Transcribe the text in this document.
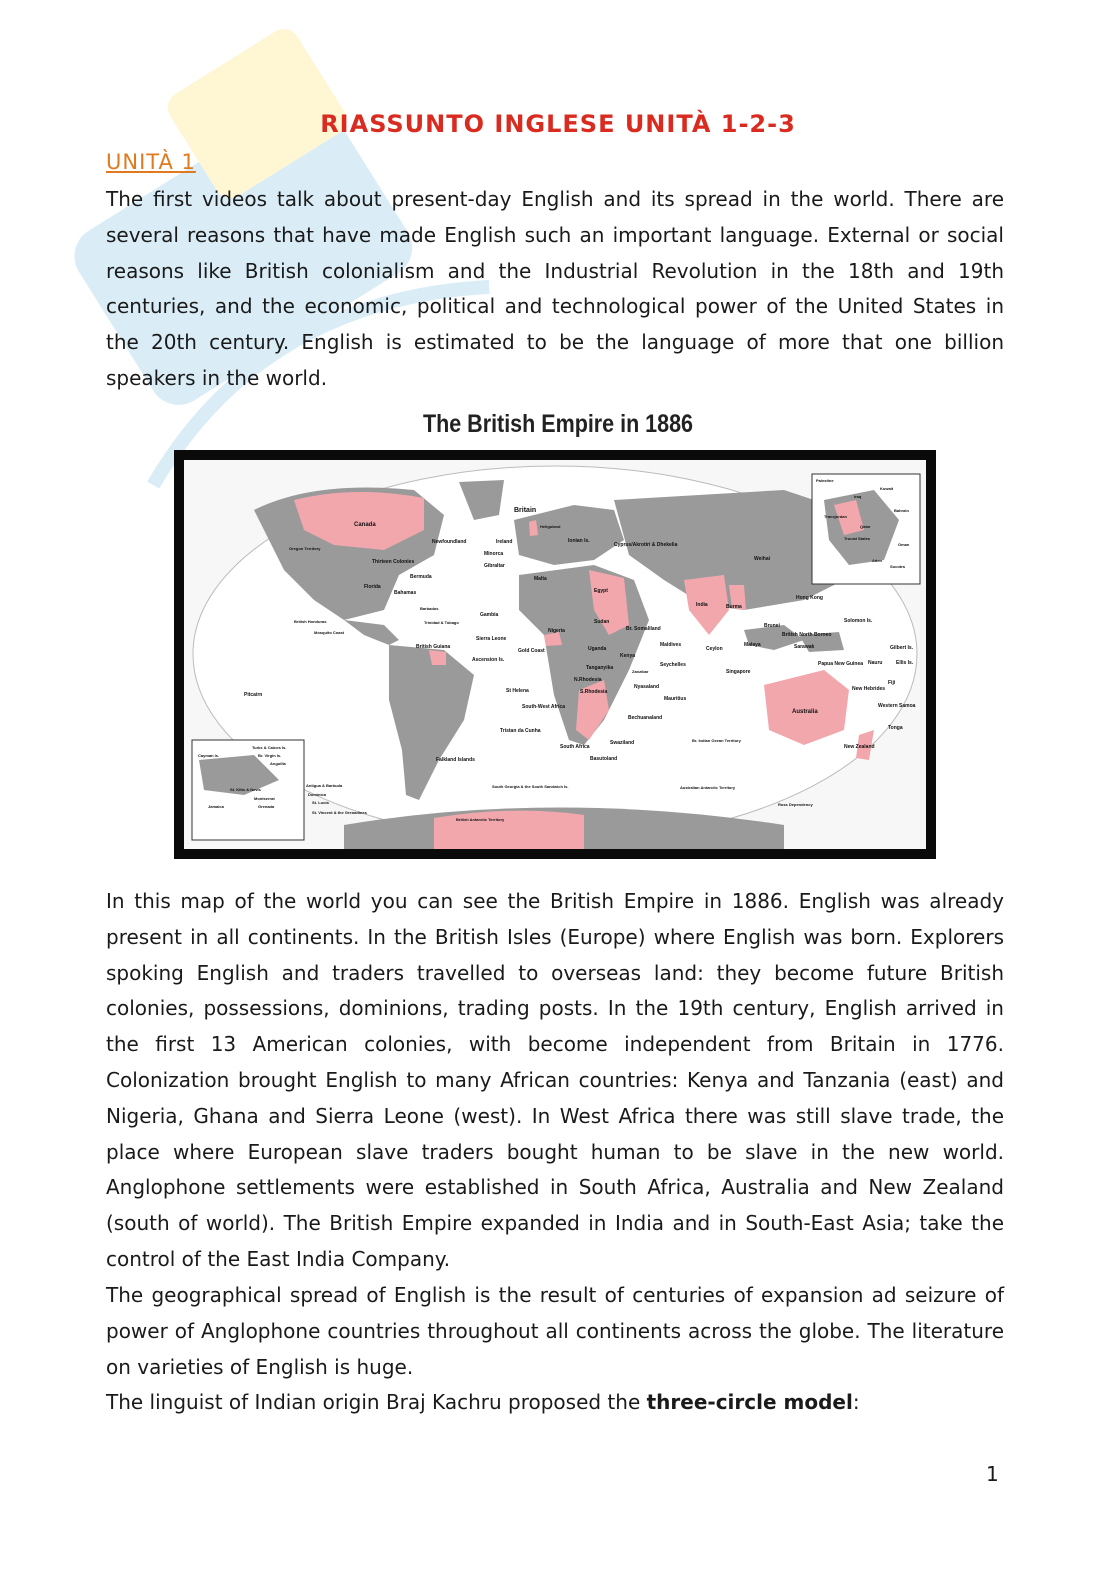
RIASSUNTO INGLESE UNITÀ 1-2-3
UNITÀ 1

The first videos talk about present-day English and its spread in the world. There are several reasons that have made English such an important language. External or social reasons like British colonialism and the Industrial Revolution in the 18th and 19th centuries, and the economic, political and technological power of the United States in the 20th century. English is estimated to be the language of more that one billion speakers in the world.

The British Empire in 1886
Canada
Oregon Territory
Newfoundland
Britain
Ireland
Heligoland
Ionian Is.
Cyprus/Akrotiri & Dhekelia
Minorca
Gibraltar
Malta
Thirteen Colonies
Bermuda
Florida
Bahamas
Barbados
Trinidad & Tobago
British Honduras
Mosquito Coast
British Guiana
Gambia
Sierra Leone
Gold Coast
Nigeria
Ascension Is.
St Helena
Tristan da Cunha
Falkland Islands
South Georgia & the South Sandwich Is.
British Antarctic Territory
Pitcairn
Egypt
Sudan
Br. Somaliland
Uganda
Kenya
Tanganyika
Zanzibar
N.Rhodesia
S.Rhodesia
Nyasaland
South-West Africa
Bechuanaland
South Africa
Swaziland
Basutoland
Mauritius
Seychelles
Maldives
Ceylon
India	Burma
Malaya
Singapore
Hong Kong
Weihai
Brunei
British North Borneo
Sarawak
Papua New Guinea
Australia
New Zealand
Solomon Is.
Gilbert Is.
Nauru	Ellis Is.
Fiji
New Hebrides
Western Samoa
Tonga
Br. Indian Ocean Territory
Australian Antarctic Territory
Ross Dependency
Palestine
Kuwait
Iraq
Bahrain
Transjordan
Qatar
Trucial States
Oman
Aden
Socotra
Turks & Caicos Is.
Br. Virgin Is.
Cayman Is.
Anguilla
Antigua & Barbuda
St. Kitts & Nevis
Dominica
Montserrat
St. Lucia
Jamaica	Grenada
St. Vincent & the Grenadines

In this map of the world you can see the British Empire in 1886. English was already present in all continents. In the British Isles (Europe) where English was born. Explorers spoking English and traders travelled to overseas land: they become future British colonies, possessions, dominions, trading posts. In the 19th century, English arrived in the first 13 American colonies, with become independent from Britain in 1776. Colonization brought English to many African countries: Kenya and Tanzania (east) and Nigeria, Ghana and Sierra Leone (west). In West Africa there was still slave trade, the place where European slave traders bought human to be slave in the new world. Anglophone settlements were established in South Africa, Australia and New Zealand (south of world). The British Empire expanded in India and in South-East Asia; take the control of the East India Company.

The geographical spread of English is the result of centuries of expansion ad seizure of power of Anglophone countries throughout all continents across the globe. The literature on varieties of English is huge.

The linguist of Indian origin Braj Kachru proposed the three-circle model:

1
